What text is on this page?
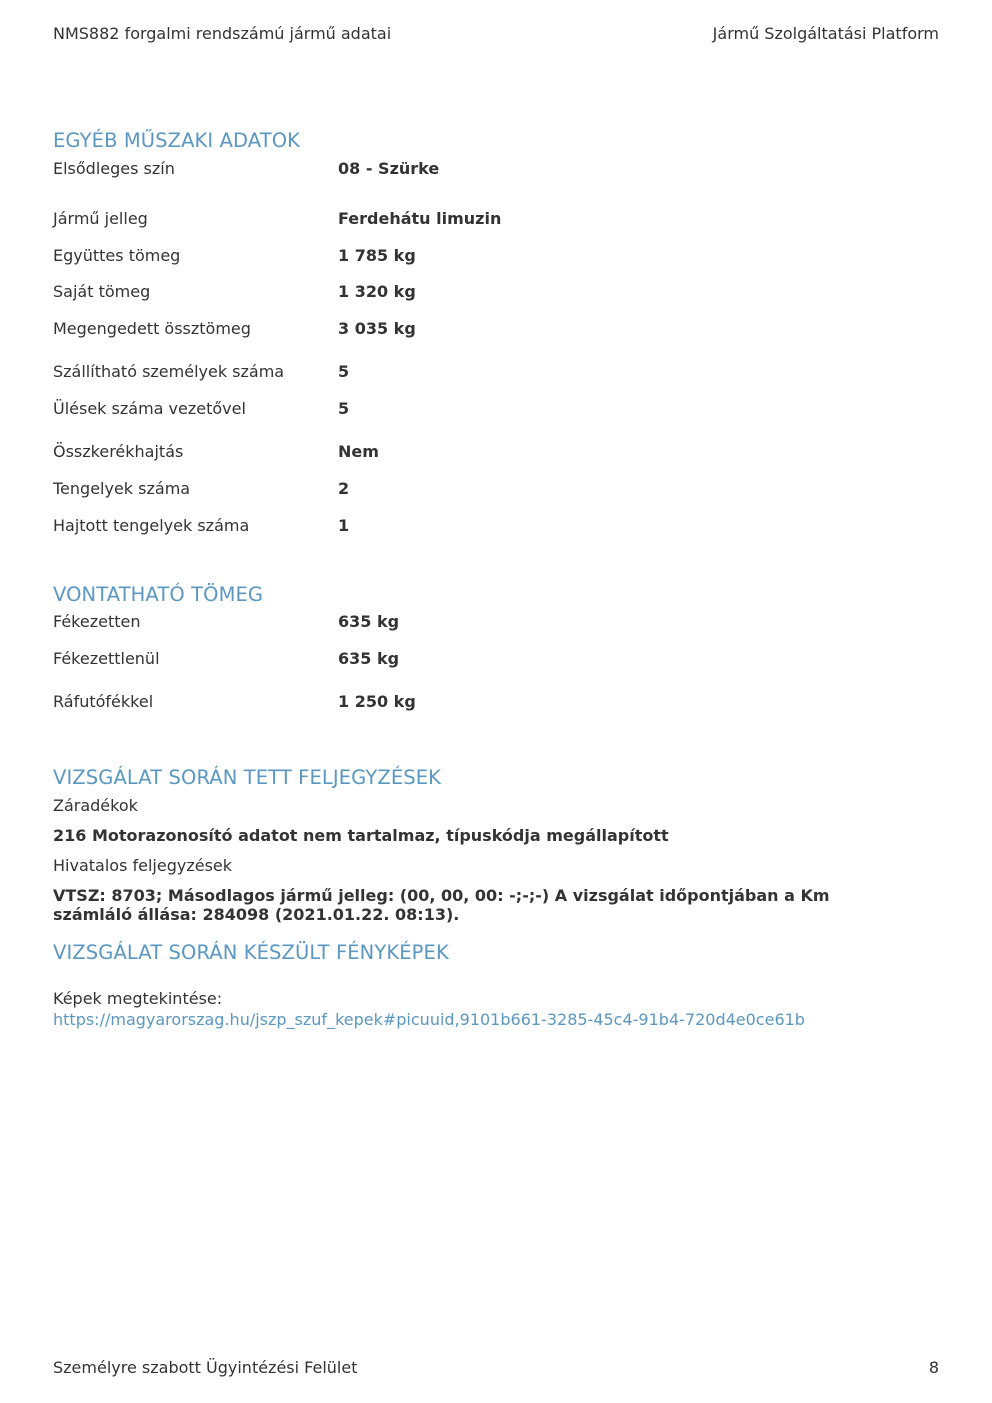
NMS882 forgalmi rendszámú jármű adatai	Jármű Szolgáltatási Platform
EGYÉB MŰSZAKI ADATOK
Elsődleges szín	08 - Szürke
Jármű jelleg	Ferdehátu limuzin
Együttes tömeg	1 785 kg
Saját tömeg	1 320 kg
Megengedett össztömeg	3 035 kg
Szállítható személyek száma	5
Ülések száma vezetővel	5
Összkerékhajtás	Nem
Tengelyek száma	2
Hajtott tengelyek száma	1
VONTATHATÓ TÖMEG
Fékezetten	635 kg
Fékezettlenül	635 kg
Ráfutófékkel	1 250 kg
VIZSGÁLAT SORÁN TETT FELJEGYZÉSEK
Záradékok
216 Motorazonosító adatot nem tartalmaz, típuskódja megállapított
Hivatalos feljegyzések
VTSZ: 8703; Másodlagos jármű jelleg: (00, 00, 00: -;-;-) A vizsgálat időpontjában a Km
számláló állása: 284098 (2021.01.22. 08:13).
VIZSGÁLAT SORÁN KÉSZÜLT FÉNYKÉPEK
Képek megtekintése:
https://magyarorszag.hu/jszp_szuf_kepek#picuuid,9101b661-3285-45c4-91b4-720d4e0ce61b
Személyre szabott Ügyintézési Felület	8
